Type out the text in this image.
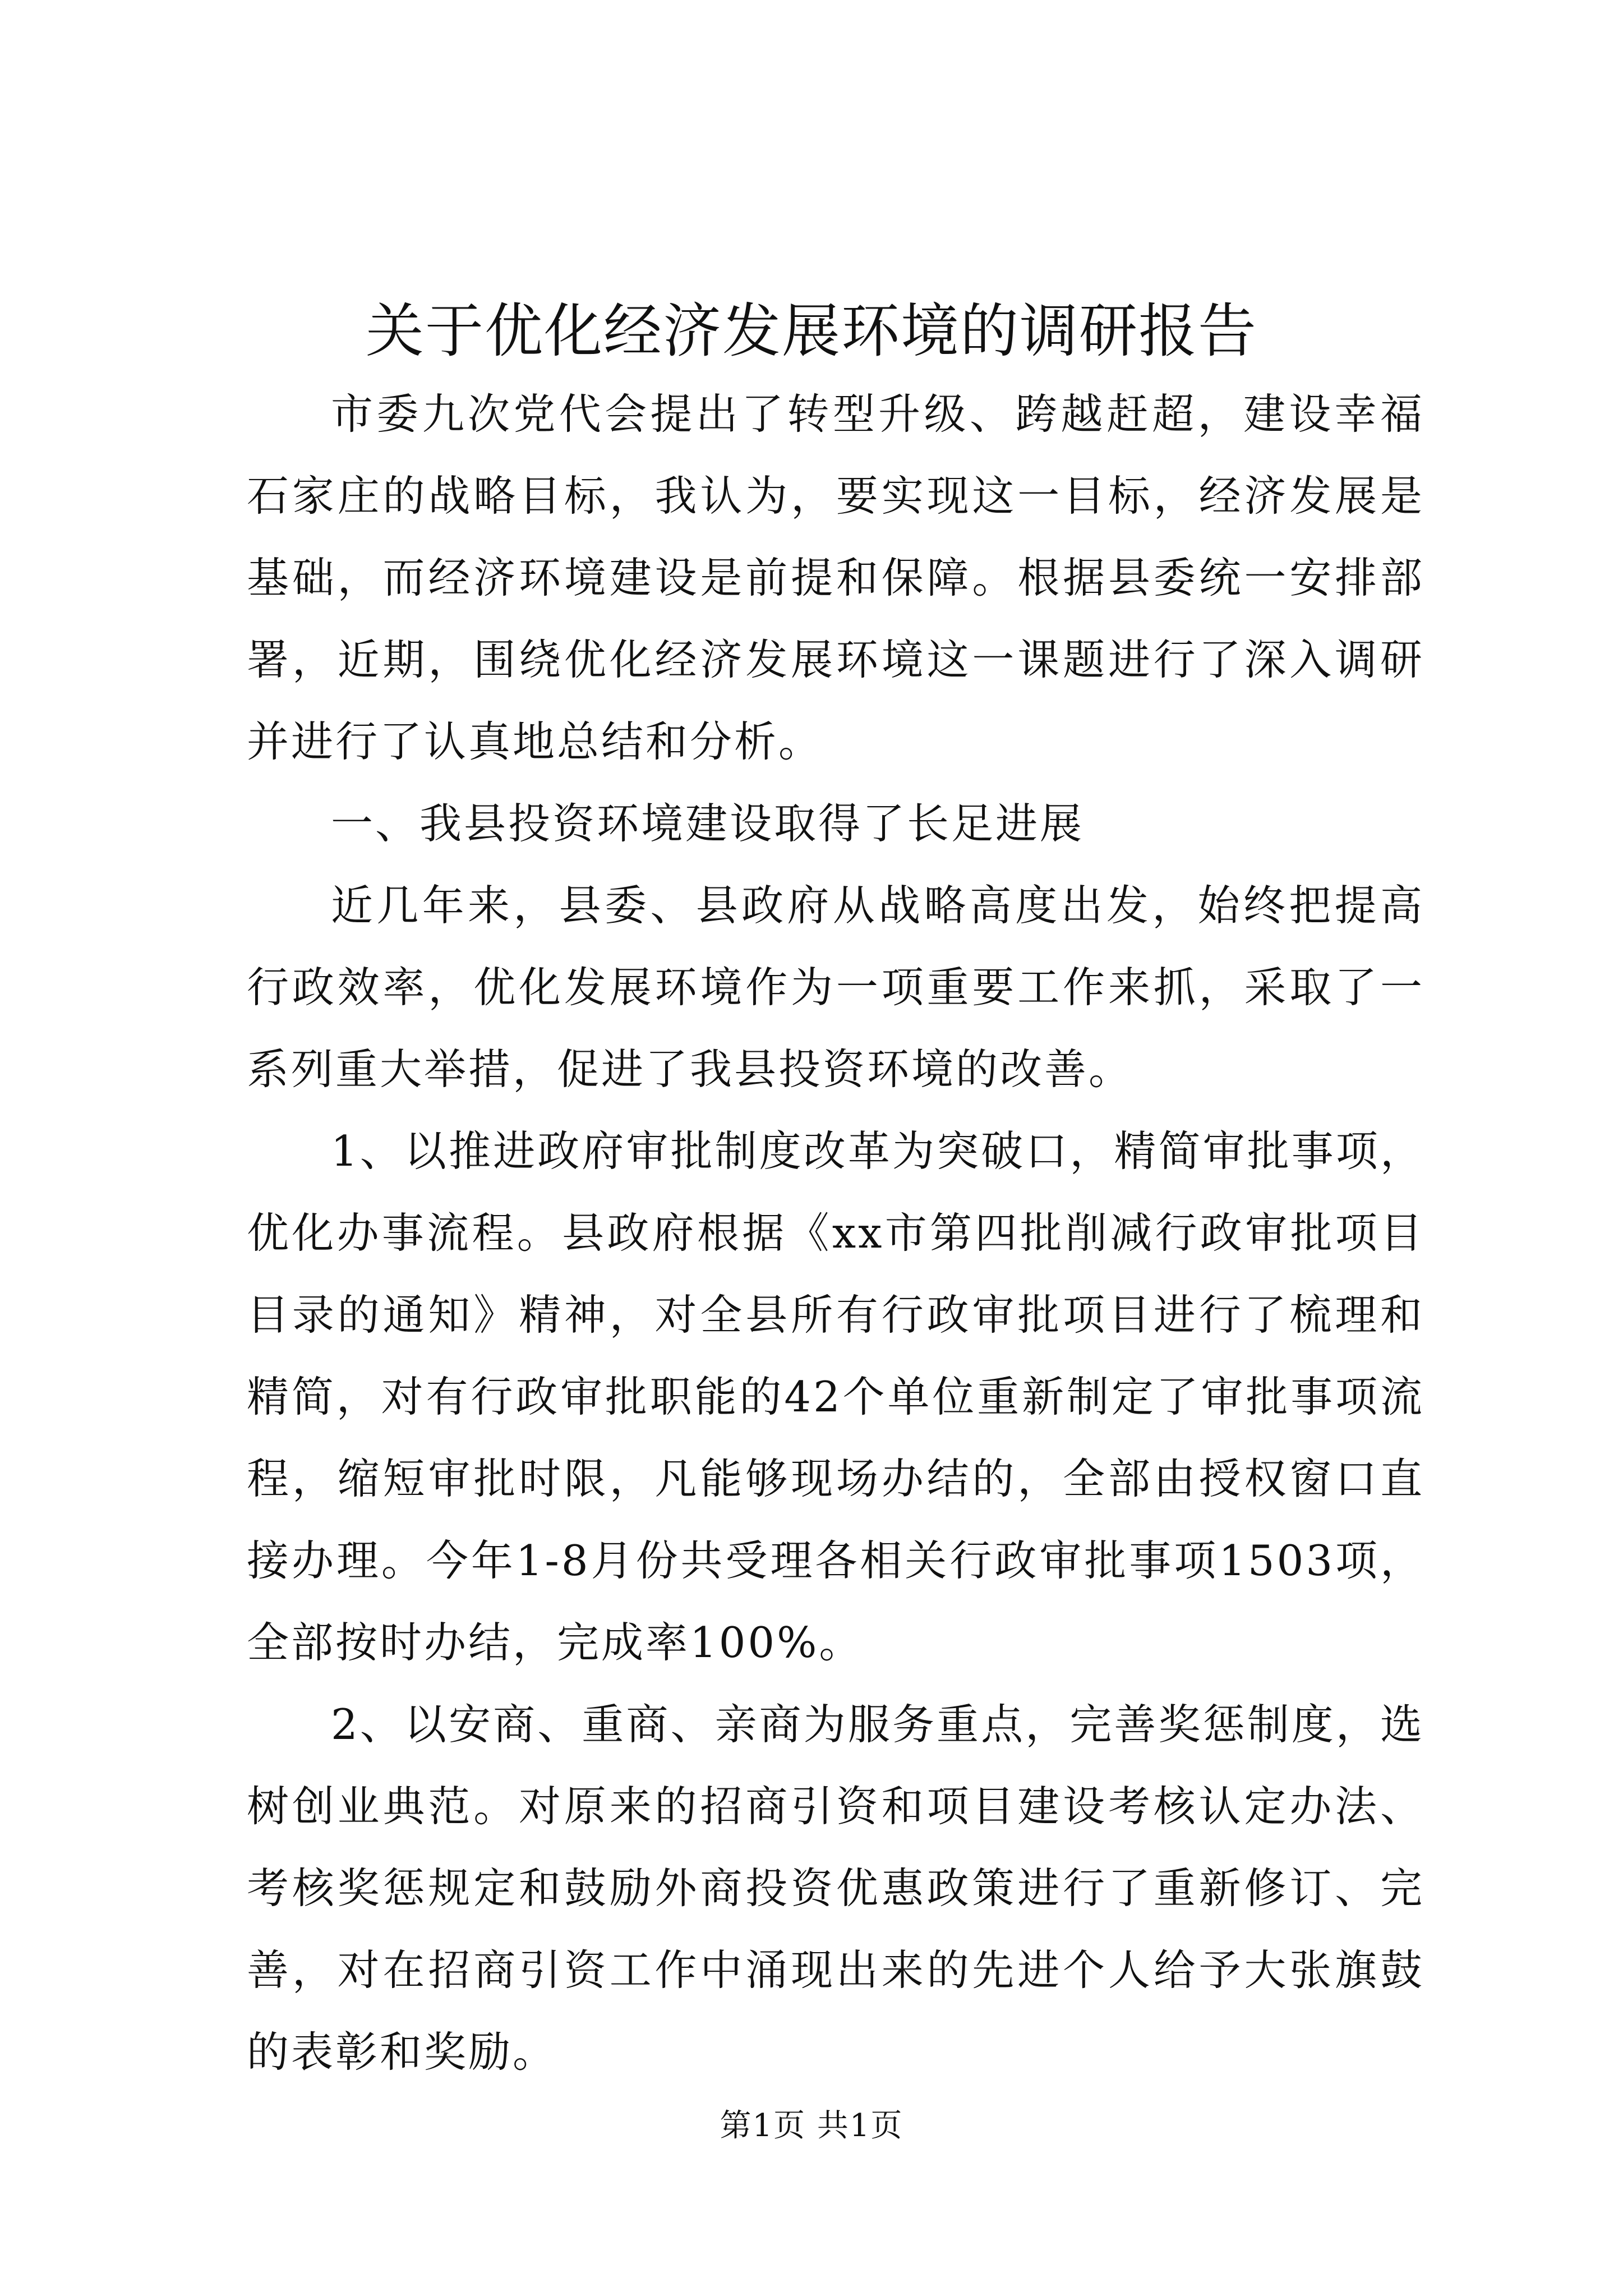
关于优化经济发展环境的调研报告

市委九次党代会提出了转型升级、跨越赶超，建设幸福石家庄的战略目标，我认为，要实现这一目标，经济发展是基础，而经济环境建设是前提和保障。根据县委统一安排部署，近期，围绕优化经济发展环境这一课题进行了深入调研并进行了认真地总结和分析。

一、我县投资环境建设取得了长足进展

近几年来，县委、县政府从战略高度出发，始终把提高行政效率，优化发展环境作为一项重要工作来抓，采取了一系列重大举措，促进了我县投资环境的改善。

1、以推进政府审批制度改革为突破口，精简审批事项，优化办事流程。县政府根据《xx市第四批削减行政审批项目目录的通知》精神，对全县所有行政审批项目进行了梳理和精简，对有行政审批职能的42个单位重新制定了审批事项流程，缩短审批时限，凡能够现场办结的，全部由授权窗口直接办理。今年1-8月份共受理各相关行政审批事项1503项，全部按时办结，完成率100%。

2、以安商、重商、亲商为服务重点，完善奖惩制度，选树创业典范。对原来的招商引资和项目建设考核认定办法、考核奖惩规定和鼓励外商投资优惠政策进行了重新修订、完善，对在招商引资工作中涌现出来的先进个人给予大张旗鼓的表彰和奖励。

第1页 共1页
